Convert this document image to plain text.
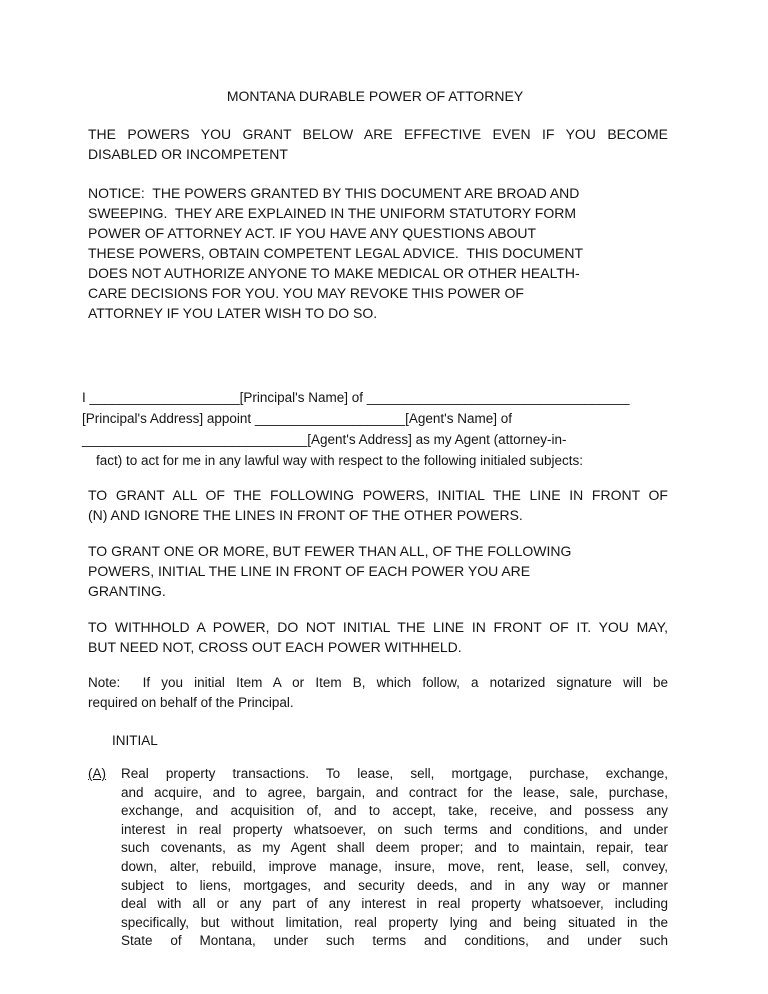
MONTANA DURABLE POWER OF ATTORNEY
THE POWERS YOU GRANT BELOW ARE EFFECTIVE EVEN IF YOU BECOME
DISABLED OR INCOMPETENT
NOTICE:  THE POWERS GRANTED BY THIS DOCUMENT ARE BROAD AND
SWEEPING.  THEY ARE EXPLAINED IN THE UNIFORM STATUTORY FORM
POWER OF ATTORNEY ACT. IF YOU HAVE ANY QUESTIONS ABOUT
THESE POWERS, OBTAIN COMPETENT LEGAL ADVICE.  THIS DOCUMENT
DOES NOT AUTHORIZE ANYONE TO MAKE MEDICAL OR OTHER HEALTH-
CARE DECISIONS FOR YOU. YOU MAY REVOKE THIS POWER OF
ATTORNEY IF YOU LATER WISH TO DO SO.
I ____________________[Principal's Name] of ___________________________________
[Principal's Address] appoint ____________________[Agent's Name] of
______________________________[Agent's Address] as my Agent (attorney-in-
fact) to act for me in any lawful way with respect to the following initialed subjects:
TO GRANT ALL OF THE FOLLOWING POWERS, INITIAL THE LINE IN FRONT OF
(N) AND IGNORE THE LINES IN FRONT OF THE OTHER POWERS.
TO GRANT ONE OR MORE, BUT FEWER THAN ALL, OF THE FOLLOWING
POWERS, INITIAL THE LINE IN FRONT OF EACH POWER YOU ARE
GRANTING.
TO WITHHOLD A POWER, DO NOT INITIAL THE LINE IN FRONT OF IT. YOU MAY,
BUT NEED NOT, CROSS OUT EACH POWER WITHHELD.
Note:  If you initial Item A or Item B, which follow, a notarized signature will be
required on behalf of the Principal.
INITIAL
(A) Real property transactions. To lease, sell, mortgage, purchase, exchange,
and acquire, and to agree, bargain, and contract for the lease, sale, purchase,
exchange, and acquisition of, and to accept, take, receive, and possess any
interest in real property whatsoever, on such terms and conditions, and under
such covenants, as my Agent shall deem proper; and to maintain, repair, tear
down, alter, rebuild, improve manage, insure, move, rent, lease, sell, convey,
subject to liens, mortgages, and security deeds, and in any way or manner
deal with all or any part of any interest in real property whatsoever, including
specifically, but without limitation, real property lying and being situated in the
State of Montana, under such terms and conditions, and under such
